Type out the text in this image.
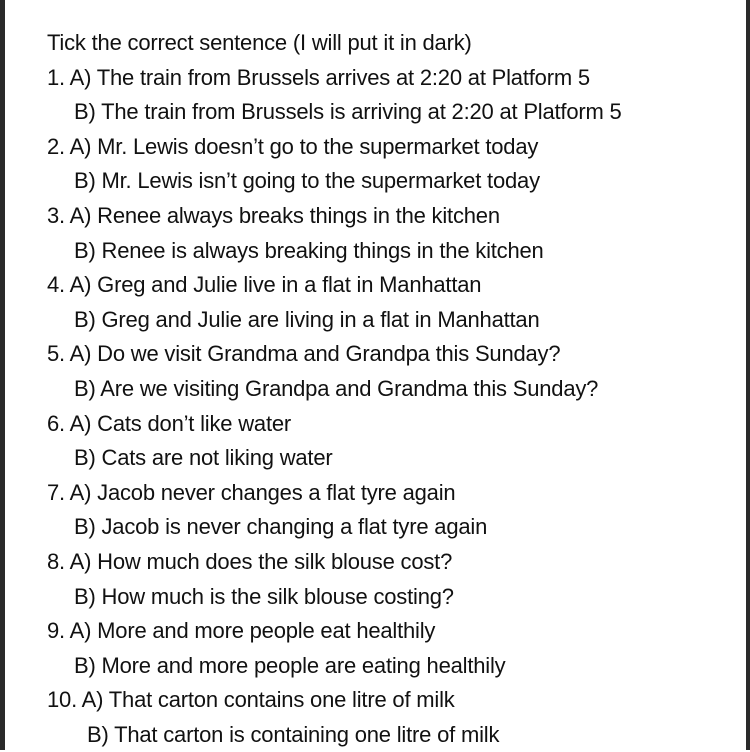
Tick the correct sentence (I will put it in dark)
1. A) The train from Brussels arrives at 2:20 at Platform 5
B) The train from Brussels is arriving at 2:20 at Platform 5
2. A) Mr. Lewis doesn’t go to the supermarket today
B) Mr. Lewis isn’t going to the supermarket today
3. A) Renee always breaks things in the kitchen
B) Renee is always breaking things in the kitchen
4. A) Greg and Julie live in a flat in Manhattan
B) Greg and Julie are living in a flat in Manhattan
5. A) Do we visit Grandma and Grandpa this Sunday?
B) Are we visiting Grandpa and Grandma this Sunday?
6. A) Cats don’t like water
B) Cats are not liking water
7. A) Jacob never changes a flat tyre again
B) Jacob is never changing a flat tyre again
8. A) How much does the silk blouse cost?
B) How much is the silk blouse costing?
9. A) More and more people eat healthily
B) More and more people are eating healthily
10. A) That carton contains one litre of milk
B) That carton is containing one litre of milk
